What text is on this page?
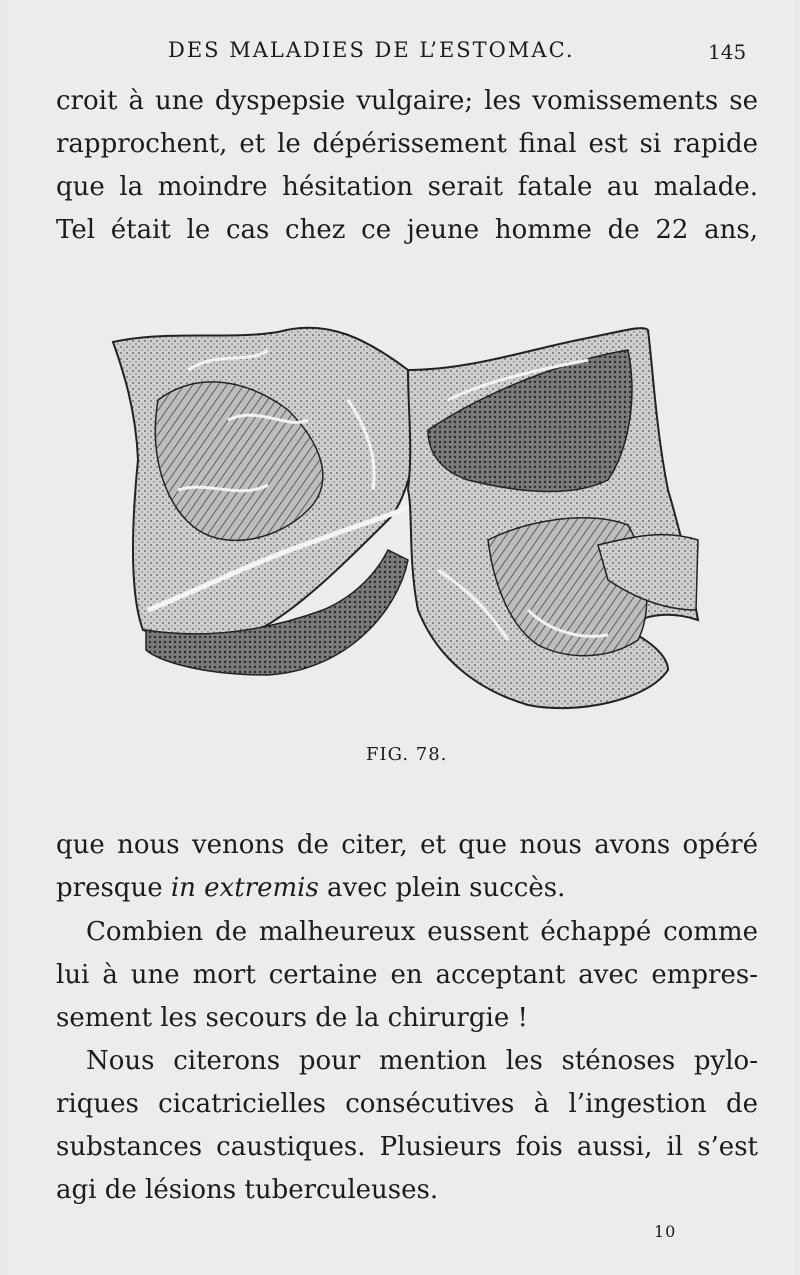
DES MALADIES DE L’ESTOMAC.	145
croit à une dyspepsie vulgaire; les vomissements se
rapprochent, et le dépérissement final est si rapide
que la moindre hésitation serait fatale au malade.
Tel était le cas chez ce jeune homme de 22 ans,
FIG. 78.
que nous venons de citer, et que nous avons opéré
presque in extremis avec plein succès.
Combien de malheureux eussent échappé comme
lui à une mort certaine en acceptant avec empres-
sement les secours de la chirurgie !
Nous citerons pour mention les sténoses pylo-
riques cicatricielles consécutives à l’ingestion de
substances caustiques. Plusieurs fois aussi, il s’est
agi de lésions tuberculeuses.
10
